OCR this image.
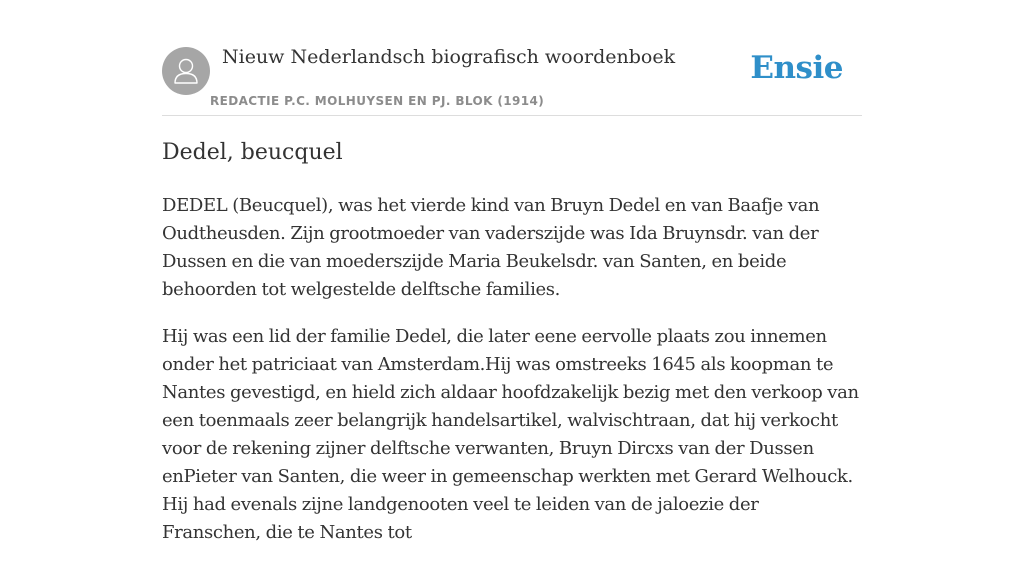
Nieuw Nederlandsch biografisch woordenboek
REDACTIE P.C. MOLHUYSEN EN PJ. BLOK (1914)
Ensie
Dedel, beucquel

DEDEL (Beucquel), was het vierde kind van Bruyn Dedel en van Baafje van Oudtheusden. Zijn grootmoeder van vaderszijde was Ida Bruynsdr. van der Dussen en die van moederszijde Maria Beukelsdr. van Santen, en beide behoorden tot welgestelde delftsche families.

Hij was een lid der familie Dedel, die later eene eervolle plaats zou innemen onder het patriciaat van Amsterdam.Hij was omstreeks 1645 als koopman te Nantes gevestigd, en hield zich aldaar hoofdzakelijk bezig met den verkoop van een toenmaals zeer belangrijk handelsartikel, walvischtraan, dat hij verkocht voor de rekening zijner delftsche verwanten, Bruyn Dircxs van der Dussen enPieter van Santen, die weer in gemeenschap werkten met Gerard Welhouck. Hij had evenals zijne landgenooten veel te leiden van de jaloezie der Franschen, die te Nantes tot
